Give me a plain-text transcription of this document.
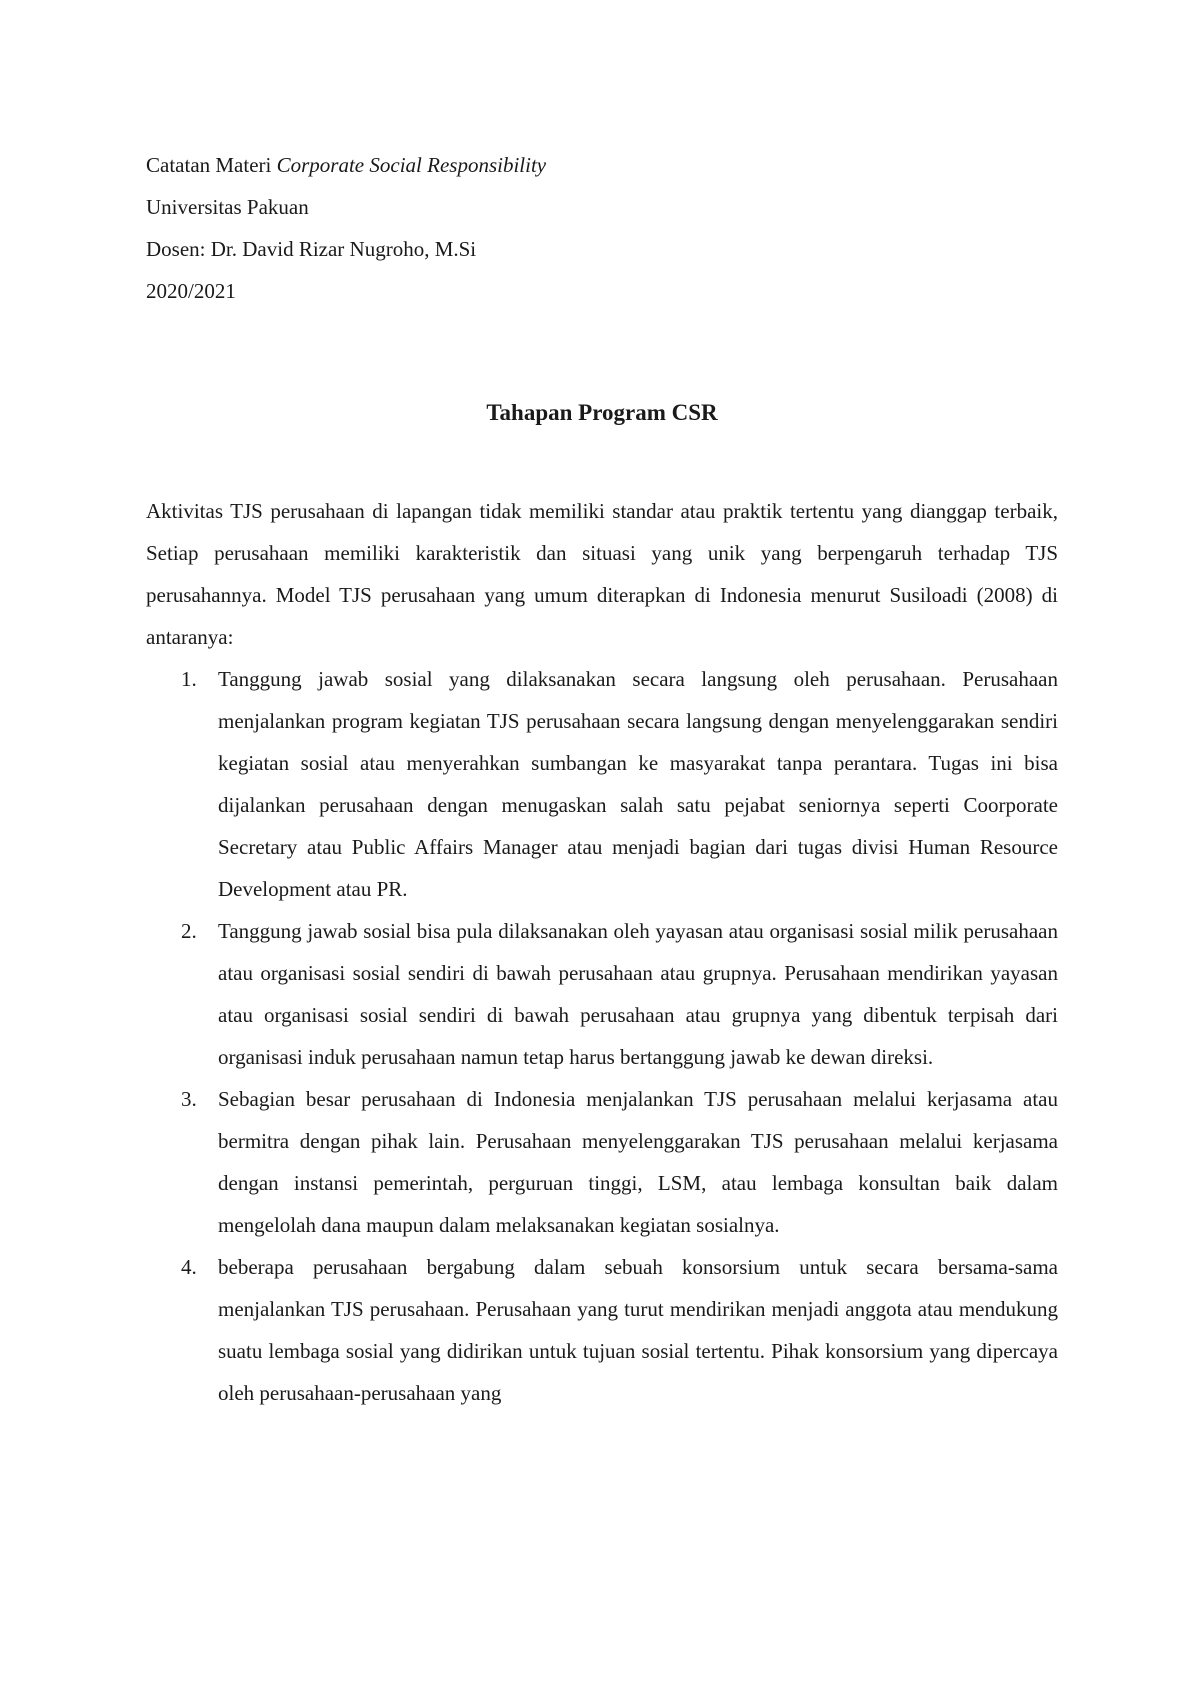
Catatan Materi Corporate Social Responsibility

Universitas Pakuan

Dosen: Dr. David Rizar Nugroho, M.Si

2020/2021

Tahapan Program CSR

Aktivitas TJS perusahaan di lapangan tidak memiliki standar atau praktik tertentu yang dianggap terbaik, Setiap perusahaan memiliki karakteristik dan situasi yang unik yang berpengaruh terhadap TJS perusahannya. Model TJS perusahaan yang umum diterapkan di Indonesia menurut Susiloadi (2008) di antaranya:

1. Tanggung jawab sosial yang dilaksanakan secara langsung oleh perusahaan. Perusahaan menjalankan program kegiatan TJS perusahaan secara langsung dengan menyelenggarakan sendiri kegiatan sosial atau menyerahkan sumbangan ke masyarakat tanpa perantara. Tugas ini bisa dijalankan perusahaan dengan menugaskan salah satu pejabat seniornya seperti Coorporate Secretary atau Public Affairs Manager atau menjadi bagian dari tugas divisi Human Resource Development atau PR.
2. Tanggung jawab sosial bisa pula dilaksanakan oleh yayasan atau organisasi sosial milik perusahaan atau organisasi sosial sendiri di bawah perusahaan atau grupnya. Perusahaan mendirikan yayasan atau organisasi sosial sendiri di bawah perusahaan atau grupnya yang dibentuk terpisah dari organisasi induk perusahaan namun tetap harus bertanggung jawab ke dewan direksi.
3. Sebagian besar perusahaan di Indonesia menjalankan TJS perusahaan melalui kerjasama atau bermitra dengan pihak lain. Perusahaan menyelenggarakan TJS perusahaan melalui kerjasama dengan instansi pemerintah, perguruan tinggi, LSM, atau lembaga konsultan baik dalam mengelolah dana maupun dalam melaksanakan kegiatan sosialnya.
4. beberapa perusahaan bergabung dalam sebuah konsorsium untuk secara bersama-sama menjalankan TJS perusahaan. Perusahaan yang turut mendirikan menjadi anggota atau mendukung suatu lembaga sosial yang didirikan untuk tujuan sosial tertentu. Pihak konsorsium yang dipercaya oleh perusahaan-perusahaan yang
